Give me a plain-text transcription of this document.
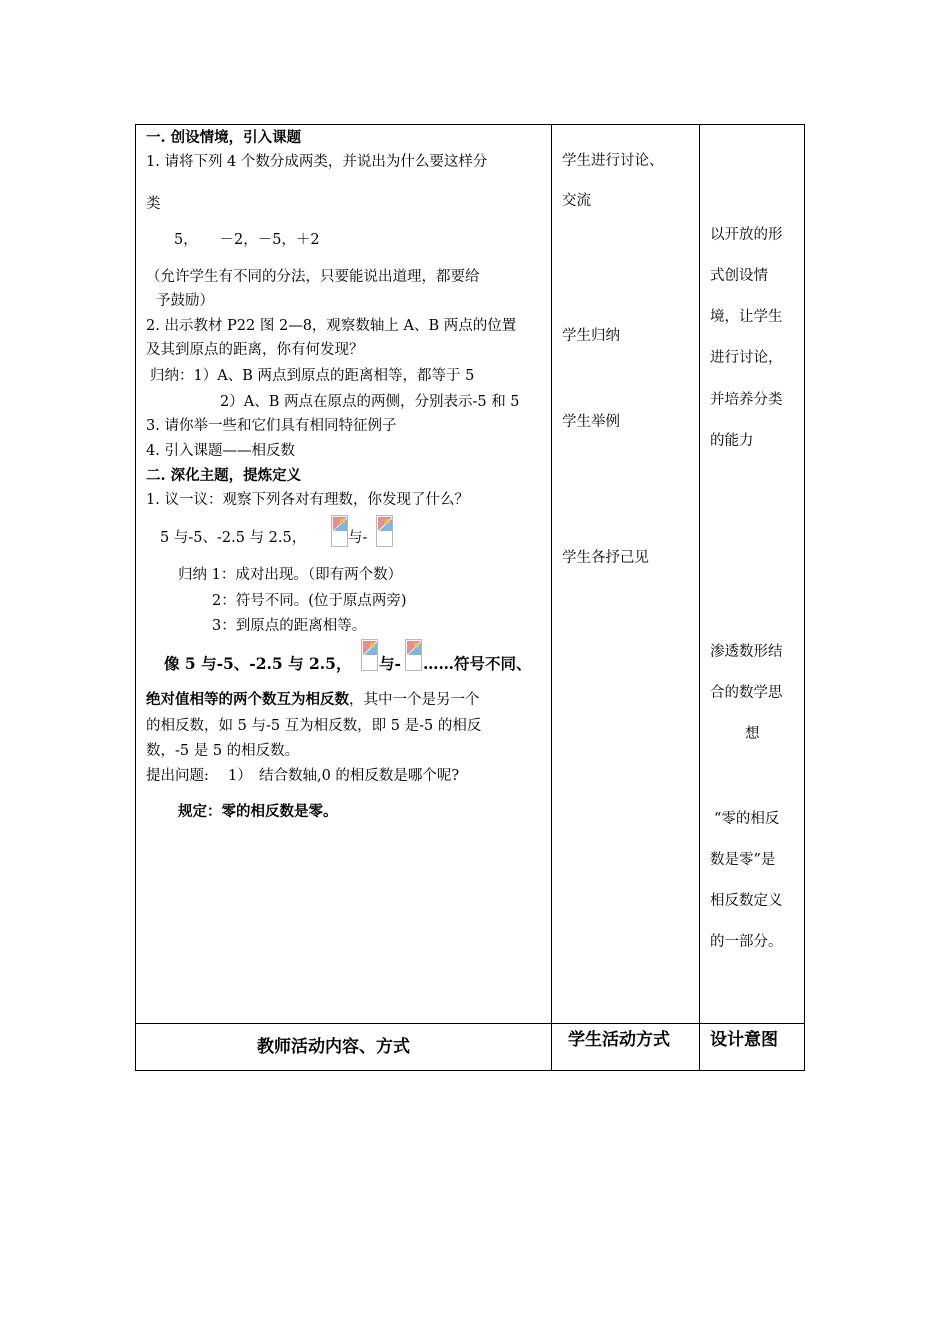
一. 创设情境，引入课题
1. 请将下列 4 个数分成两类，并说出为什么要这样分
类
5，　　－2，－5，＋2
（允许学生有不同的分法，只要能说出道理，都要给
予鼓励）
2. 出示教材 P22 图 2—8，观察数轴上 A、B 两点的位置
及其到原点的距离，你有何发现？
归纳：1）A、B 两点到原点的距离相等，都等于 5
2）A、B 两点在原点的两侧，分别表示-5 和 5
3. 请你举一些和它们具有相同特征例子
4. 引入课题——相反数
二. 深化主题，提炼定义
1. 议一议：观察下列各对有理数，你发现了什么？
5 与-5、-2.5 与 2.5，	与-
归纳 1：成对出现。（即有两个数）
2：符号不同。(位于原点两旁)
3：到原点的距离相等。
像 5 与-5、-2.5 与 2.5， 与- ……符号不同、
绝对值相等的两个数互为相反数，其中一个是另一个
的相反数，如 5 与-5 互为相反数，即 5 是-5 的相反
数，-5 是 5 的相反数。
提出问题:　 1）　结合数轴,0 的相反数是哪个呢?
规定：零的相反数是零。
学生进行讨论、
交流
学生归纳
学生举例
学生各抒己见
以开放的形
式创设情
境，让学生
进行讨论，
并培养分类
的能力
渗透数形结
合的数学思
想
“零的相反
数是零”是
相反数定义
的一部分。
教师活动内容、方式	学生活动方式 设计意图
